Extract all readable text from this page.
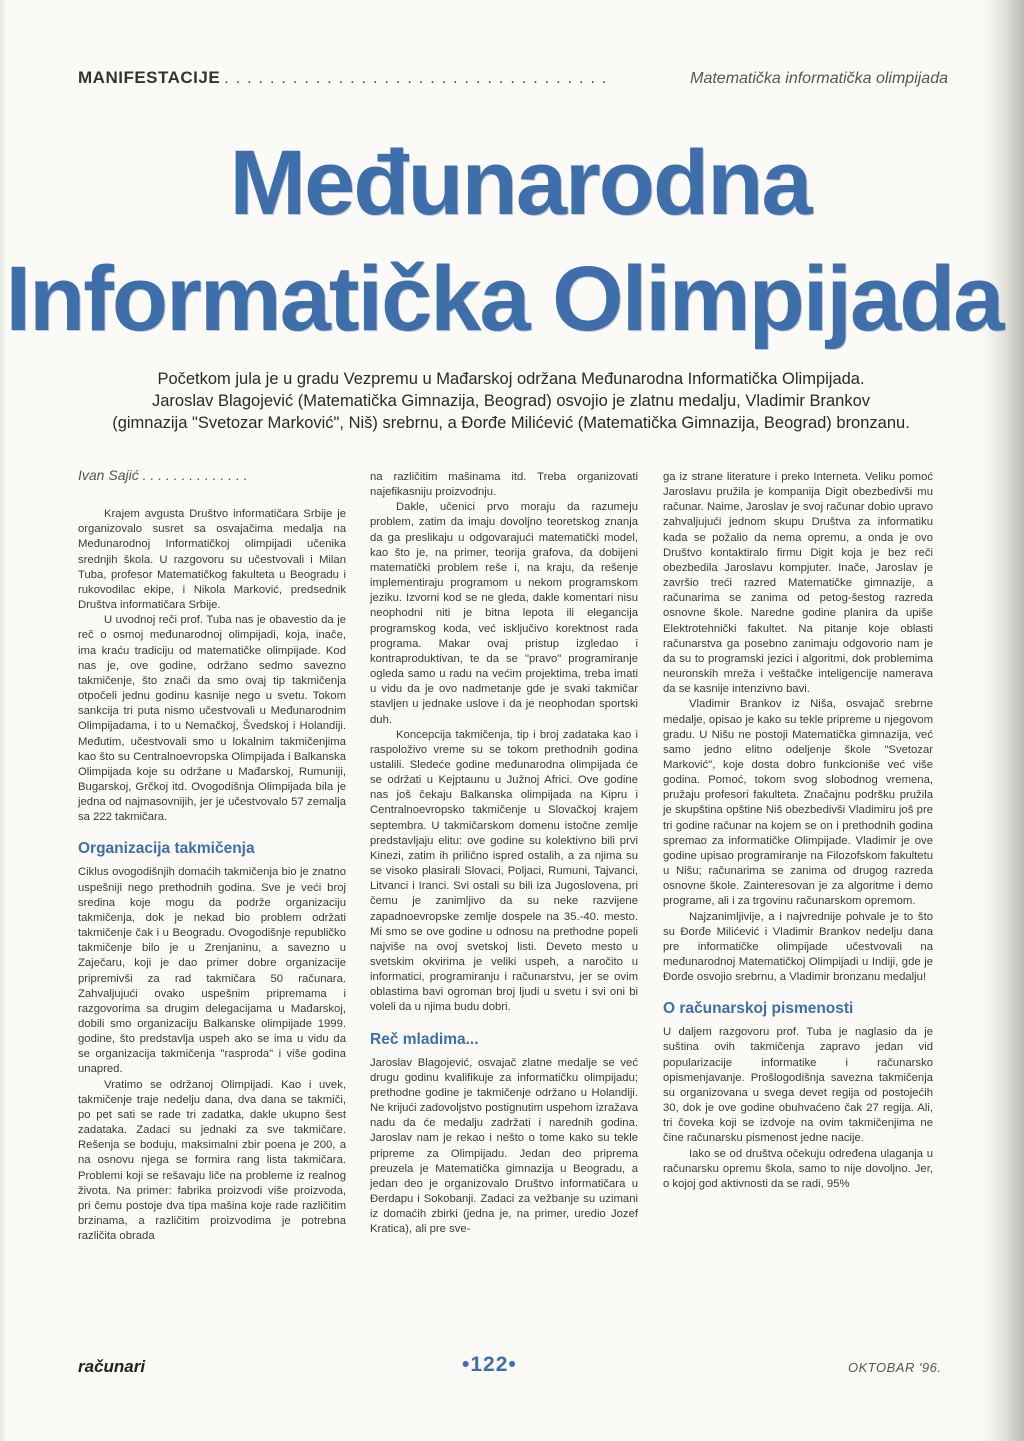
MANIFESTACIJE ..................................	Matematička informatička olimpijada
Međunarodna
Informatička Olimpijada

Početkom jula je u gradu Vezpremu u Mađarskoj održana Međunarodna Informatička Olimpijada.

Jaroslav Blagojević (Matematička Gimnazija, Beograd) osvojio je zlatnu medalju, Vladimir Brankov

(gimnazija "Svetozar Marković", Niš) srebrnu, a Đorđe Milićević (Matematička Gimnazija, Beograd) bronzanu.

Ivan Sajić . . . . . . . . . . . . . .

Krajem avgusta Društvo informatičara Srbije je organizovalo susret sa osvajačima medalja na Međunarodnoj Informatičkoj olimpijadi učenika srednjih škola. U razgovoru su učestvovali i Milan Tuba, profesor Matematičkog fakulteta u Beogradu i rukovodilac ekipe, i Nikola Marković, predsednik Društva informatičara Srbije.

U uvodnoj reči prof. Tuba nas je obavestio da je reč o osmoj međunarodnoj olimpijadi, koja, inače, ima kraću tradiciju od matematičke olimpijade. Kod nas je, ove godine, održano sedmo savezno takmičenje, što znači da smo ovaj tip takmičenja otpočeli jednu godinu kasnije nego u svetu. Tokom sankcija tri puta nismo učestvovali u Međunarodnim Olimpijadama, i to u Nemačkoj, Švedskoj i Holandiji. Međutim, učestvovali smo u lokalnim takmičenjima kao što su Centralnoevropska Olimpijada i Balkanska Olimpijada koje su održane u Mađarskoj, Rumuniji, Bugarskoj, Grčkoj itd. Ovogodišnja Olimpijada bila je jedna od najmasovnijih, jer je učestvovalo 57 zemalja sa 222 takmičara.

Organizacija takmičenja

Ciklus ovogodišnjih domaćih takmičenja bio je znatno uspešniji nego prethodnih godina. Sve je veći broj sredina koje mogu da podrže organizaciju takmičenja, dok je nekad bio problem održati takmičenje čak i u Beogradu. Ovogodišnje republičko takmičenje bilo je u Zrenjaninu, a savezno u Zaječaru, koji je dao primer dobre organizacije pripremivši za rad takmičara 50 računara. Zahvaljujući ovako uspešnim pripremama i razgovorima sa drugim delegacijama u Mađarskoj, dobili smo organizaciju Balkanske olimpijade 1999. godine, što predstavlja uspeh ako se ima u vidu da se organizacija takmičenja "rasproda" i više godina unapred.

Vratimo se održanoj Olimpijadi. Kao i uvek, takmičenje traje nedelju dana, dva dana se takmiči, po pet sati se rade tri zadatka, dakle ukupno šest zadataka. Zadaci su jednaki za sve takmičare. Rešenja se boduju, maksimalni zbir poena je 200, a na osnovu njega se formira rang lista takmičara. Problemi koji se rešavaju liče na probleme iz realnog života. Na primer: fabrika proizvodi više proizvoda, pri čemu postoje dva tipa mašina koje rade različitim brzinama, a različitim proizvodima je potrebna različita obrada

na različitim mašinama itd. Treba organizovati najefikasniju proizvodnju.

Dakle, učenici prvo moraju da razumeju problem, zatim da imaju dovoljno teoretskog znanja da ga preslikaju u odgovarajući matematički model, kao što je, na primer, teorija grafova, da dobijeni matematički problem reše i, na kraju, da rešenje implementiraju programom u nekom programskom jeziku. Izvorni kod se ne gleda, dakle komentari nisu neophodni niti je bitna lepota ili elegancija programskog koda, već isključivo korektnost rada programa. Makar ovaj pristup izgledao i kontraproduktivan, te da se "pravo" programiranje ogleda samo u radu na većim projektima, treba imati u vidu da je ovo nadmetanje gde je svaki takmičar stavljen u jednake uslove i da je neophodan sportski duh.

Koncepcija takmičenja, tip i broj zadataka kao i raspoloživo vreme su se tokom prethodnih godina ustalili. Sledeće godine međunarodna olimpijada će se održati u Kejptaunu u Južnoj Africi. Ove godine nas još čekaju Balkanska olimpijada na Kipru i Centralnoevropsko takmičenje u Slovačkoj krajem septembra. U takmičarskom domenu istočne zemlje predstavljaju elitu: ove godine su kolektivno bili prvi Kinezi, zatim ih prilično ispred ostalih, a za njima su se visoko plasirali Slovaci, Poljaci, Rumuni, Tajvanci, Litvanci i Iranci. Svi ostali su bili iza Jugoslovena, pri čemu je zanimljivo da su neke razvijene zapadnoevropske zemlje dospele na 35.-40. mesto. Mi smo se ove godine u odnosu na prethodne popeli najviše na ovoj svetskoj listi. Deveto mesto u svetskim okvirima je veliki uspeh, a naročito u informatici, programiranju i računarstvu, jer se ovim oblastima bavi ogroman broj ljudi u svetu i svi oni bi voleli da u njima budu dobri.

Reč mladima...

Jaroslav Blagojević, osvajač zlatne medalje se već drugu godinu kvalifikuje za informatičku olimpijadu; prethodne godine je takmičenje održano u Holandiji. Ne krijući zadovoljstvo postignutim uspehom izražava nadu da će medalju zadržati i narednih godina. Jaroslav nam je rekao i nešto o tome kako su tekle pripreme za Olimpijadu. Jedan deo priprema preuzela je Matematička gimnazija u Beogradu, a jedan deo je organizovalo Društvo informatičara u Đerdapu i Sokobanji. Zadaci za vežbanje su uzimani iz domaćih zbirki (jedna je, na primer, uredio Jozef Kratica), ali pre sve-

ga iz strane literature i preko Interneta. Veliku pomoć Jaroslavu pružila je kompanija Digit obezbedivši mu računar. Naime, Jaroslav je svoj računar dobio upravo zahvaljujući jednom skupu Društva za informatiku kada se požalio da nema opremu, a onda je ovo Društvo kontaktiralo firmu Digit koja je bez reči obezbedila Jaroslavu kompjuter. Inače, Jaroslav je završio treći razred Matematičke gimnazije, a računarima se zanima od petog-šestog razreda osnovne škole. Naredne godine planira da upiše Elektrotehnički fakultet. Na pitanje koje oblasti računarstva ga posebno zanimaju odgovorio nam je da su to programski jezici i algoritmi, dok problemima neuronskih mreža i veštačke inteligencije namerava da se kasnije intenzivno bavi.

Vladimir Brankov iz Niša, osvajač srebrne medalje, opisao je kako su tekle pripreme u njegovom gradu. U Nišu ne postoji Matematička gimnazija, već samo jedno elitno odeljenje škole "Svetozar Marković", koje dosta dobro funkcioniše već više godina. Pomoć, tokom svog slobodnog vremena, pružaju profesori fakulteta. Značajnu podršku pružila je skupština opštine Niš obezbedivši Vladimiru još pre tri godine računar na kojem se on i prethodnih godina spremao za informatičke Olimpijade. Vladimir je ove godine upisao programiranje na Filozofskom fakultetu u Nišu; računarima se zanima od drugog razreda osnovne škole. Zainteresovan je za algoritme i demo programe, ali i za trgovinu računarskom opremom.

Najzanimljivije, a i najvrednije pohvale je to što su Đorđe Milićević i Vladimir Brankov nedelju dana pre informatičke olimpijade učestvovali na međunarodnoj Matematičkoj Olimpijadi u Indiji, gde je Đorđe osvojio srebrnu, a Vladimir bronzanu medalju!

O računarskoj pismenosti

U daljem razgovoru prof. Tuba je naglasio da je suština ovih takmičenja zapravo jedan vid popularizacije informatike i računarsko opismenjavanje. Prošlogodišnja savezna takmičenja su organizovana u svega devet regija od postojećih 30, dok je ove godine obuhvaćeno čak 27 regija. Ali, tri čoveka koji se izdvoje na ovim takmičenjima ne čine računarsku pismenost jedne nacije.

Iako se od društva očekuju određena ulaganja u računarsku opremu škola, samo to nije dovoljno. Jer, o kojoj god aktivnosti da se radi, 95%

računari	•122•	OKTOBAR '96.
